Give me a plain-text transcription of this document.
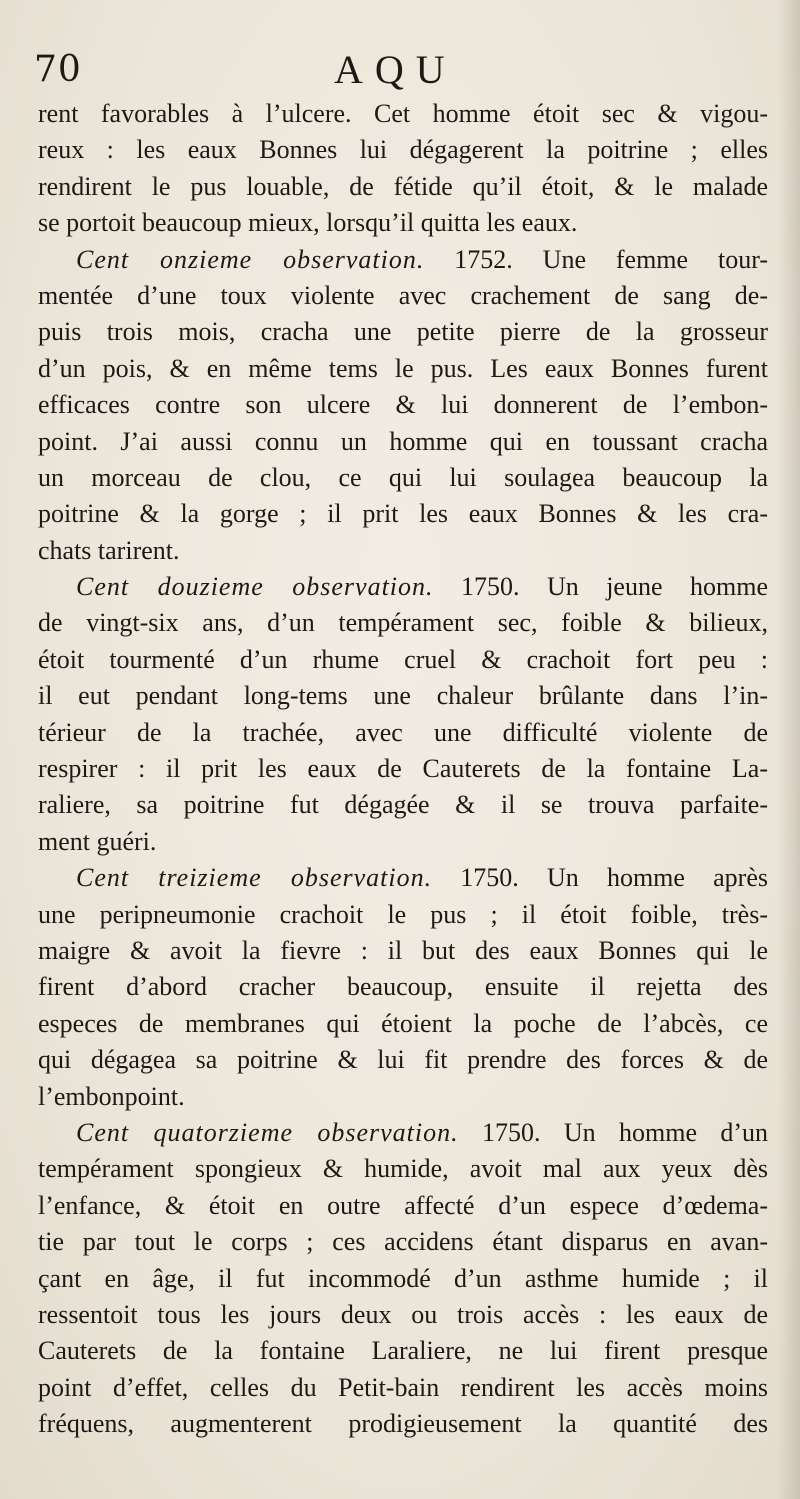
70	AQU
rent favorables à l’ulcere. Cet homme étoit sec & vigou-
reux : les eaux Bonnes lui dégagerent la poitrine ; elles
rendirent le pus louable, de fétide qu’il étoit, & le malade
se portoit beaucoup mieux, lorsqu’il quitta les eaux.
Cent onzieme observation. 1752. Une femme tour-
mentée d’une toux violente avec crachement de sang de-
puis trois mois, cracha une petite pierre de la grosseur
d’un pois, & en même tems le pus. Les eaux Bonnes furent
efficaces contre son ulcere & lui donnerent de l’embon-
point. J’ai aussi connu un homme qui en toussant cracha
un morceau de clou, ce qui lui soulagea beaucoup la
poitrine & la gorge ; il prit les eaux Bonnes & les cra-
chats tarirent.
Cent douzieme observation. 1750. Un jeune homme
de vingt-six ans, d’un tempérament sec, foible & bilieux,
étoit tourmenté d’un rhume cruel & crachoit fort peu :
il eut pendant long-tems une chaleur brûlante dans l’in-
térieur de la trachée, avec une difficulté violente de
respirer : il prit les eaux de Cauterets de la fontaine La-
raliere, sa poitrine fut dégagée & il se trouva parfaite-
ment guéri.
Cent treizieme observation. 1750. Un homme après
une peripneumonie crachoit le pus ; il étoit foible, très-
maigre & avoit la fievre : il but des eaux Bonnes qui le
firent d’abord cracher beaucoup, ensuite il rejetta des
especes de membranes qui étoient la poche de l’abcès, ce
qui dégagea sa poitrine & lui fit prendre des forces & de
l’embonpoint.
Cent quatorzieme observation. 1750. Un homme d’un
tempérament spongieux & humide, avoit mal aux yeux dès
l’enfance, & étoit en outre affecté d’un espece d’œdema-
tie par tout le corps ; ces accidens étant disparus en avan-
çant en âge, il fut incommodé d’un asthme humide ; il
ressentoit tous les jours deux ou trois accès : les eaux de
Cauterets de la fontaine Laraliere, ne lui firent presque
point d’effet, celles du Petit-bain rendirent les accès moins
fréquens, augmenterent prodigieusement la quantité des
